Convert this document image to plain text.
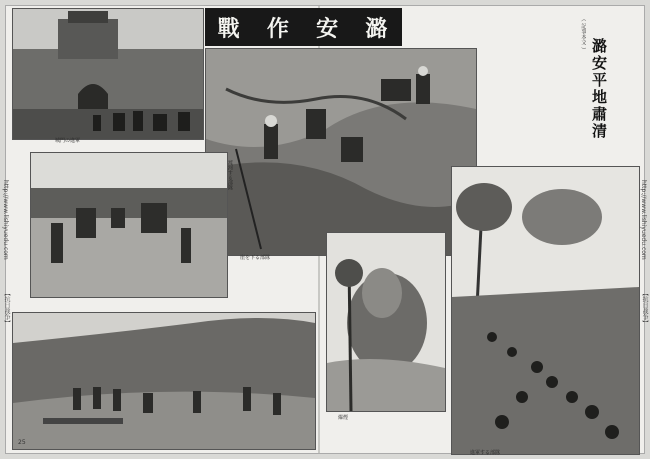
戰 作 安 潞
城門の進軍
崖を下る部隊
渡河する部隊
25
爆煙
進軍する部隊
潞安平地肅清
（ 記事本文 ）
http://www.lishiyuedu.com
【抗日战争】
http://www.lishiyuedu.com
【抗日战争】
